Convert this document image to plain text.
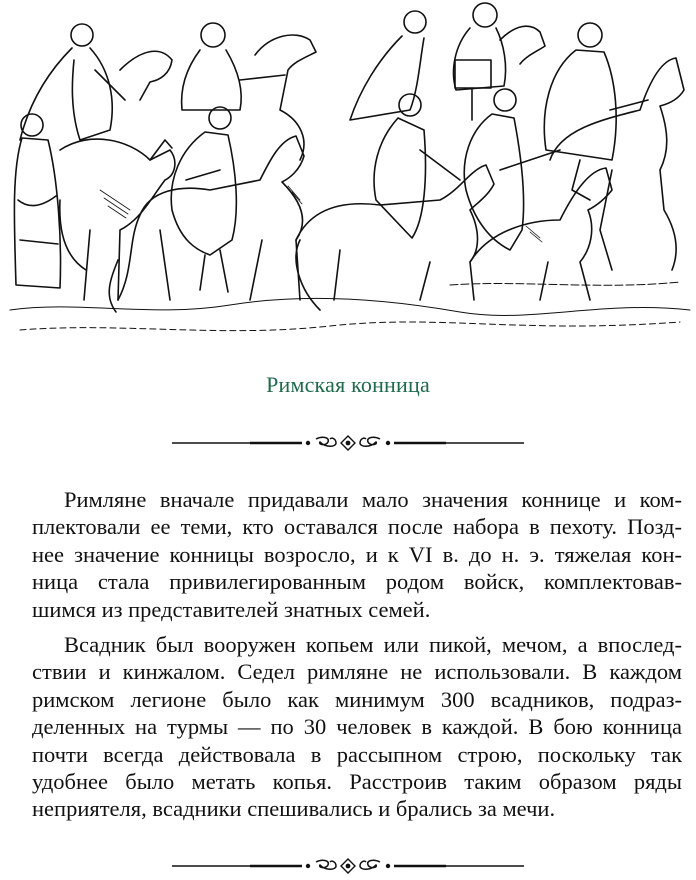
Римская конница
Римляне вначале придавали мало значения коннице и ком-
плектовали ее теми, кто оставался после набора в пехоту. Позд-
нее значение конницы возросло, и к VI в. до н. э. тяжелая кон-
ница стала привилегированным родом войск, комплектовав-
шимся из представителей знатных семей.
Всадник был вооружен копьем или пикой, мечом, а впослед-
ствии и кинжалом. Седел римляне не использовали. В каждом
римском легионе было как минимум 300 всадников, подраз-
деленных на турмы — по 30 человек в каждой. В бою конница
почти всегда действовала в рассыпном строю, поскольку так
удобнее было метать копья. Расстроив таким образом ряды
неприятеля, всадники спешивались и брались за мечи.
